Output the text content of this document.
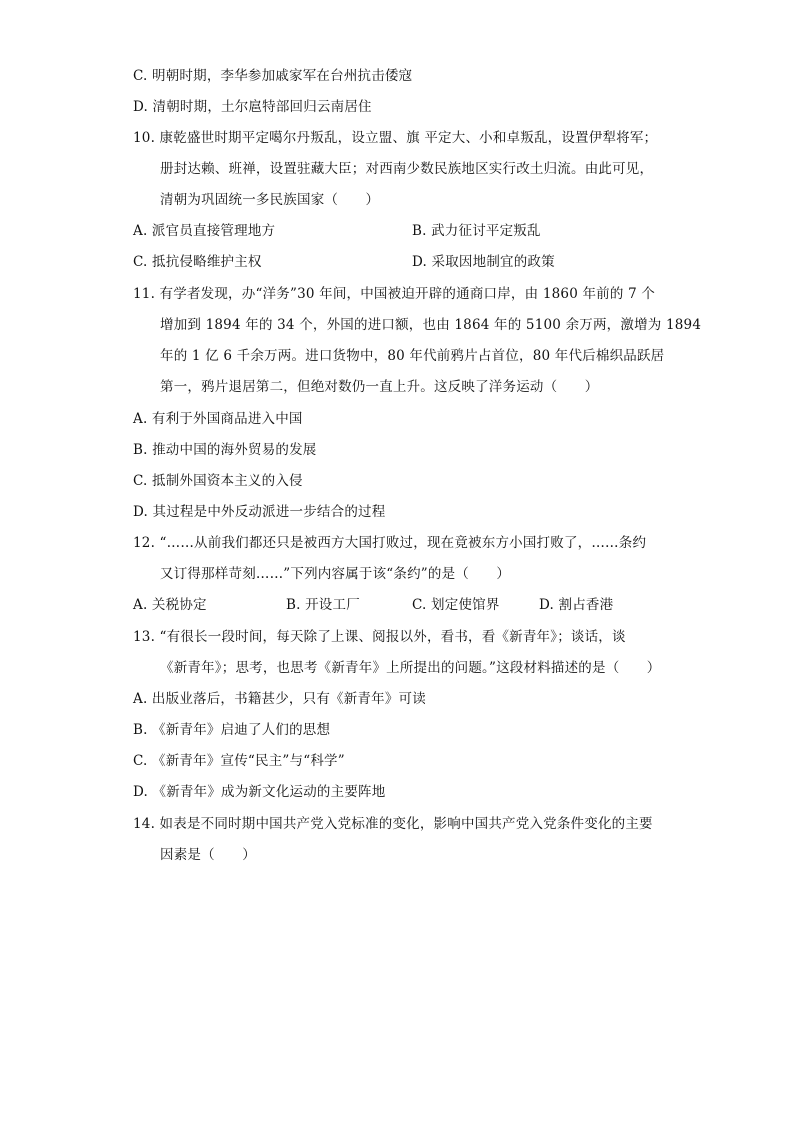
C. 明朝时期，李华参加戚家军在台州抗击倭寇
D. 清朝时期，土尔扈特部回归云南居住
10. 康乾盛世时期平定噶尔丹叛乱，设立盟、旗 平定大、小和卓叛乱，设置伊犁将军；
册封达赖、班禅，设置驻藏大臣；对西南少数民族地区实行改土归流。由此可见，
清朝为巩固统一多民族国家（　　）
A. 派官员直接管理地方	B. 武力征讨平定叛乱
C. 抵抗侵略维护主权	D. 采取因地制宜的政策
11. 有学者发现，办“洋务”30 年间，中国被迫开辟的通商口岸，由 1860 年前的 7 个
增加到 1894 年的 34 个，外国的进口额，也由 1864 年的 5100 余万两，激增为 1894
年的 1 亿 6 千余万两。进口货物中，80 年代前鸦片占首位，80 年代后棉织品跃居
第一，鸦片退居第二，但绝对数仍一直上升。这反映了洋务运动（　　）
A. 有利于外国商品进入中国
B. 推动中国的海外贸易的发展
C. 抵制外国资本主义的入侵
D. 其过程是中外反动派进一步结合的过程
12. “……从前我们都还只是被西方大国打败过，现在竟被东方小国打败了，……条约
又订得那样苛刻……”下列内容属于该“条约”的是（　　）
A. 关税协定	B. 开设工厂	C. 划定使馆界	D. 割占香港
13. “有很长一段时间，每天除了上课、阅报以外，看书，看《新青年》；谈话，谈
《新青年》；思考，也思考《新青年》上所提出的问题。”这段材料描述的是（　　）
A. 出版业落后，书籍甚少，只有《新青年》可读
B. 《新青年》启迪了人们的思想
C. 《新青年》宣传“民主”与“科学”
D. 《新青年》成为新文化运动的主要阵地
14. 如表是不同时期中国共产党入党标准的变化，影响中国共产党入党条件变化的主要
因素是（　　）
